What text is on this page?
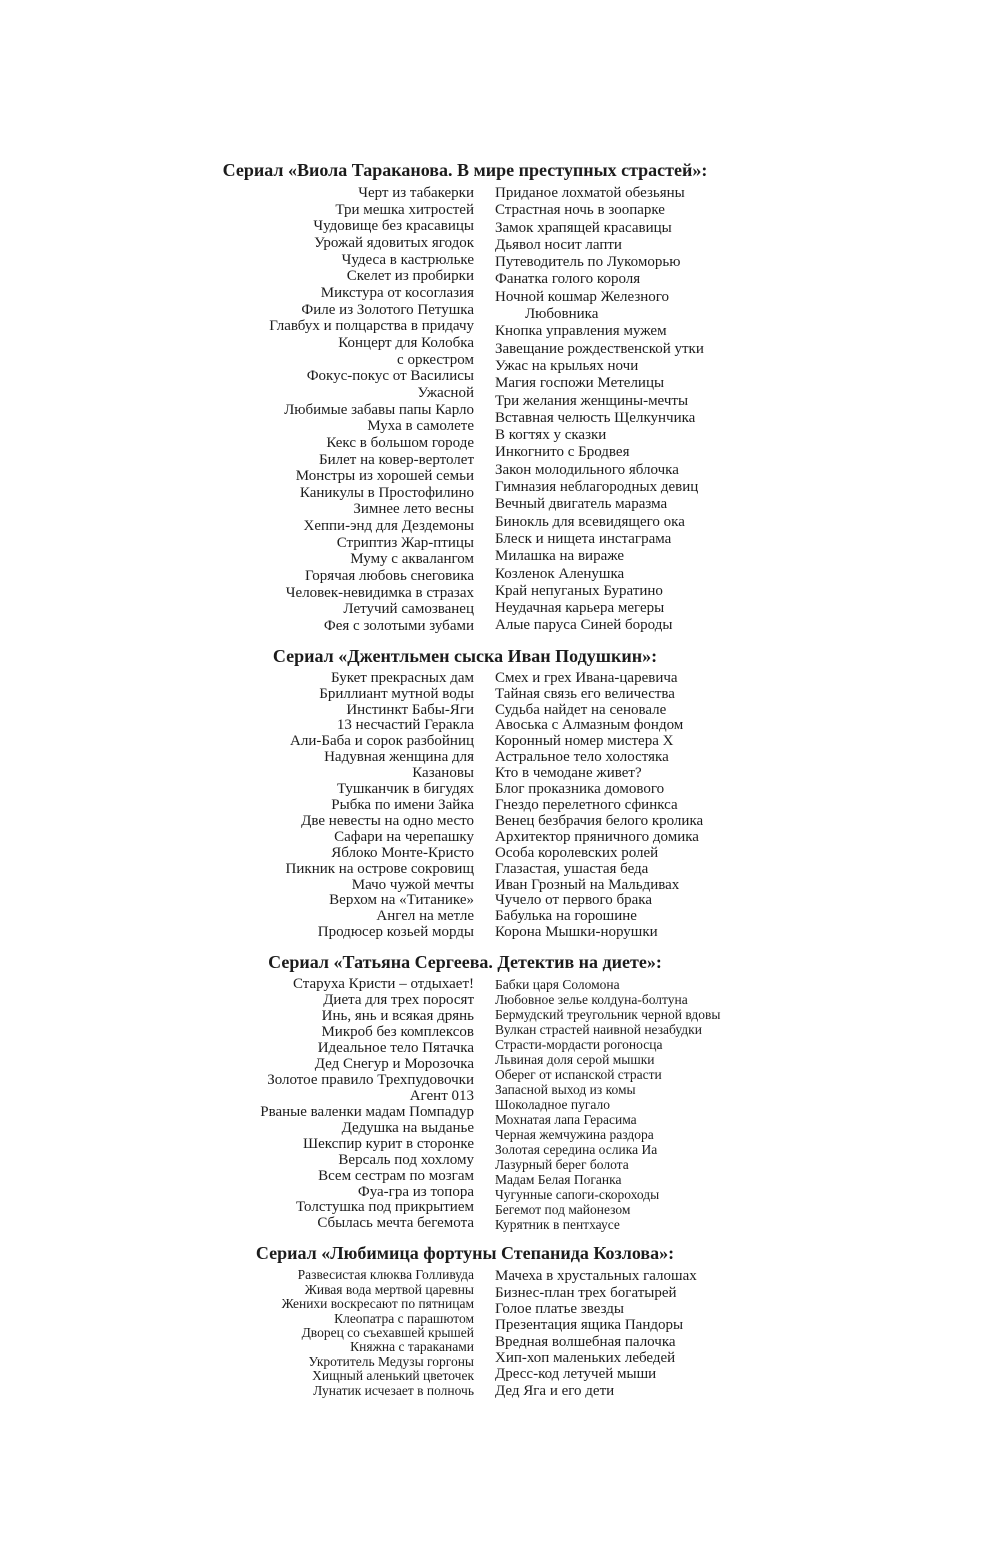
Сериал «Виола Тараканова. В мире преступных страстей»:
Черт из табакерки
Три мешка хитростей
Чудовище без красавицы
Урожай ядовитых ягодок
Чудеса в кастрюльке
Скелет из пробирки
Микстура от косоглазия
Филе из Золотого Петушка
Главбух и полцарства в придачу
Концерт для Колобка
с оркестром
Фокус-покус от Василисы
Ужасной
Любимые забавы папы Карло
Муха в самолете
Кекс в большом городе
Билет на ковер-вертолет
Монстры из хорошей семьи
Каникулы в Простофилино
Зимнее лето весны
Хеппи-энд для Дездемоны
Стриптиз Жар-птицы
Муму с аквалангом
Горячая любовь снеговика
Человек-невидимка в стразах
Летучий самозванец
Фея с золотыми зубами
Приданое лохматой обезьяны
Страстная ночь в зоопарке
Замок храпящей красавицы
Дьявол носит лапти
Путеводитель по Лукоморью
Фанатка голого короля
Ночной кошмар Железного
Любовника
Кнопка управления мужем
Завещание рождественской утки
Ужас на крыльях ночи
Магия госпожи Метелицы
Три желания женщины-мечты
Вставная челюсть Щелкунчика
В когтях у сказки
Инкогнито с Бродвея
Закон молодильного яблочка
Гимназия неблагородных девиц
Вечный двигатель маразма
Бинокль для всевидящего ока
Блеск и нищета инстаграма
Милашка на вираже
Козленок Аленушка
Край непуганых Буратино
Неудачная карьера мегеры
Алые паруса Синей бороды
Сериал «Джентльмен сыска Иван Подушкин»:
Букет прекрасных дам
Бриллиант мутной воды
Инстинкт Бабы-Яги
13 несчастий Геракла
Али-Баба и сорок разбойниц
Надувная женщина для
Казановы
Тушканчик в бигудях
Рыбка по имени Зайка
Две невесты на одно место
Сафари на черепашку
Яблоко Монте-Кристо
Пикник на острове сокровищ
Мачо чужой мечты
Верхом на «Титанике»
Ангел на метле
Продюсер козьей морды
Смех и грех Ивана-царевича
Тайная связь его величества
Судьба найдет на сеновале
Авоська с Алмазным фондом
Коронный номер мистера Х
Астральное тело холостяка
Кто в чемодане живет?
Блог проказника домового
Гнездо перелетного сфинкса
Венец безбрачия белого кролика
Архитектор пряничного домика
Особа королевских ролей
Глазастая, ушастая беда
Иван Грозный на Мальдивах
Чучело от первого брака
Бабулька на горошине
Корона Мышки-норушки
Сериал «Татьяна Сергеева. Детектив на диете»:
Старуха Кристи – отдыхает!
Диета для трех поросят
Инь, янь и всякая дрянь
Микроб без комплексов
Идеальное тело Пятачка
Дед Снегур и Морозочка
Золотое правило Трехпудовочки
Агент 013
Рваные валенки мадам Помпадур
Дедушка на выданье
Шекспир курит в сторонке
Версаль под хохлому
Всем сестрам по мозгам
Фуа-гра из топора
Толстушка под прикрытием
Сбылась мечта бегемота
Бабки царя Соломона
Любовное зелье колдуна-болтуна
Бермудский треугольник черной вдовы
Вулкан страстей наивной незабудки
Страсти-мордасти рогоносца
Львиная доля серой мышки
Оберег от испанской страсти
Запасной выход из комы
Шоколадное пугало
Мохнатая лапа Герасима
Черная жемчужина раздора
Золотая середина ослика Иа
Лазурный берег болота
Мадам Белая Поганка
Чугунные сапоги-скороходы
Бегемот под майонезом
Курятник в пентхаусе
Сериал «Любимица фортуны Степанида Козлова»:
Развесистая клюква Голливуда
Живая вода мертвой царевны
Женихи воскресают по пятницам
Клеопатра с парашютом
Дворец со съехавшей крышей
Княжна с тараканами
Укротитель Медузы горгоны
Хищный аленький цветочек
Лунатик исчезает в полночь
Мачеха в хрустальных галошах
Бизнес-план трех богатырей
Голое платье звезды
Презентация ящика Пандоры
Вредная волшебная палочка
Хип-хоп маленьких лебедей
Дресс-код летучей мыши
Дед Яга и его дети
